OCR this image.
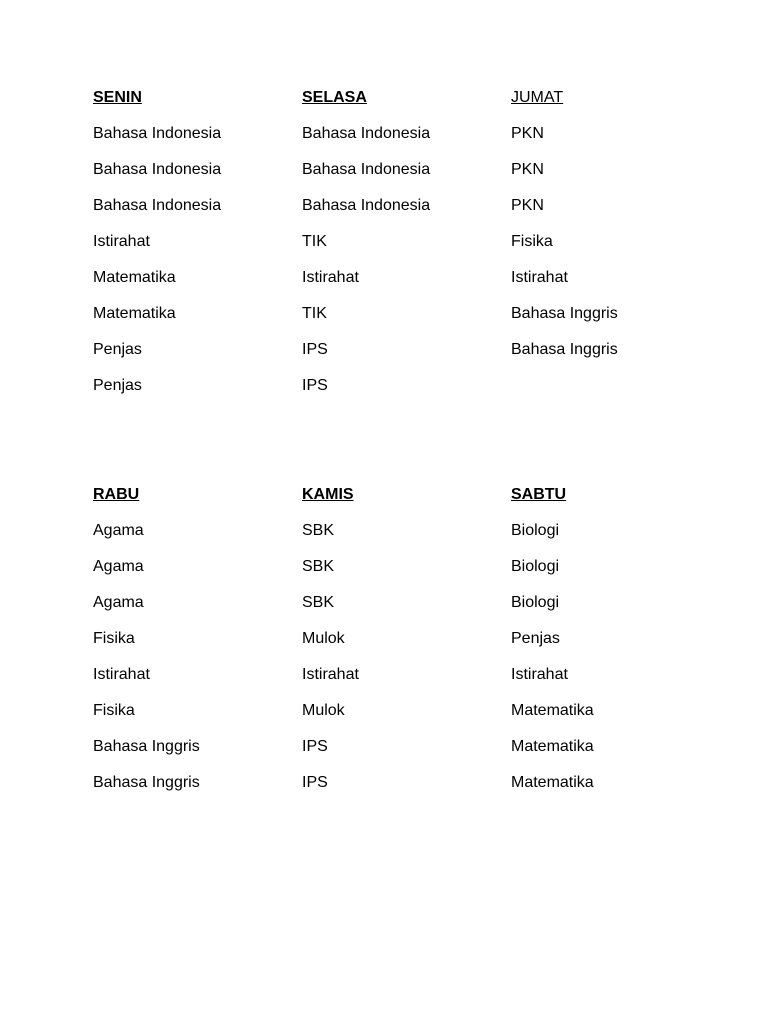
SENIN
Bahasa Indonesia
Bahasa Indonesia
Bahasa Indonesia
Istirahat
Matematika
Matematika
Penjas
Penjas
SELASA
Bahasa Indonesia
Bahasa Indonesia
Bahasa Indonesia
TIK
Istirahat
TIK
IPS
IPS
JUMAT
PKN
PKN
PKN
Fisika
Istirahat
Bahasa Inggris
Bahasa Inggris
RABU
Agama
Agama
Agama
Fisika
Istirahat
Fisika
Bahasa Inggris
Bahasa Inggris
KAMIS
SBK
SBK
SBK
Mulok
Istirahat
Mulok
IPS
IPS
SABTU
Biologi
Biologi
Biologi
Penjas
Istirahat
Matematika
Matematika
Matematika
